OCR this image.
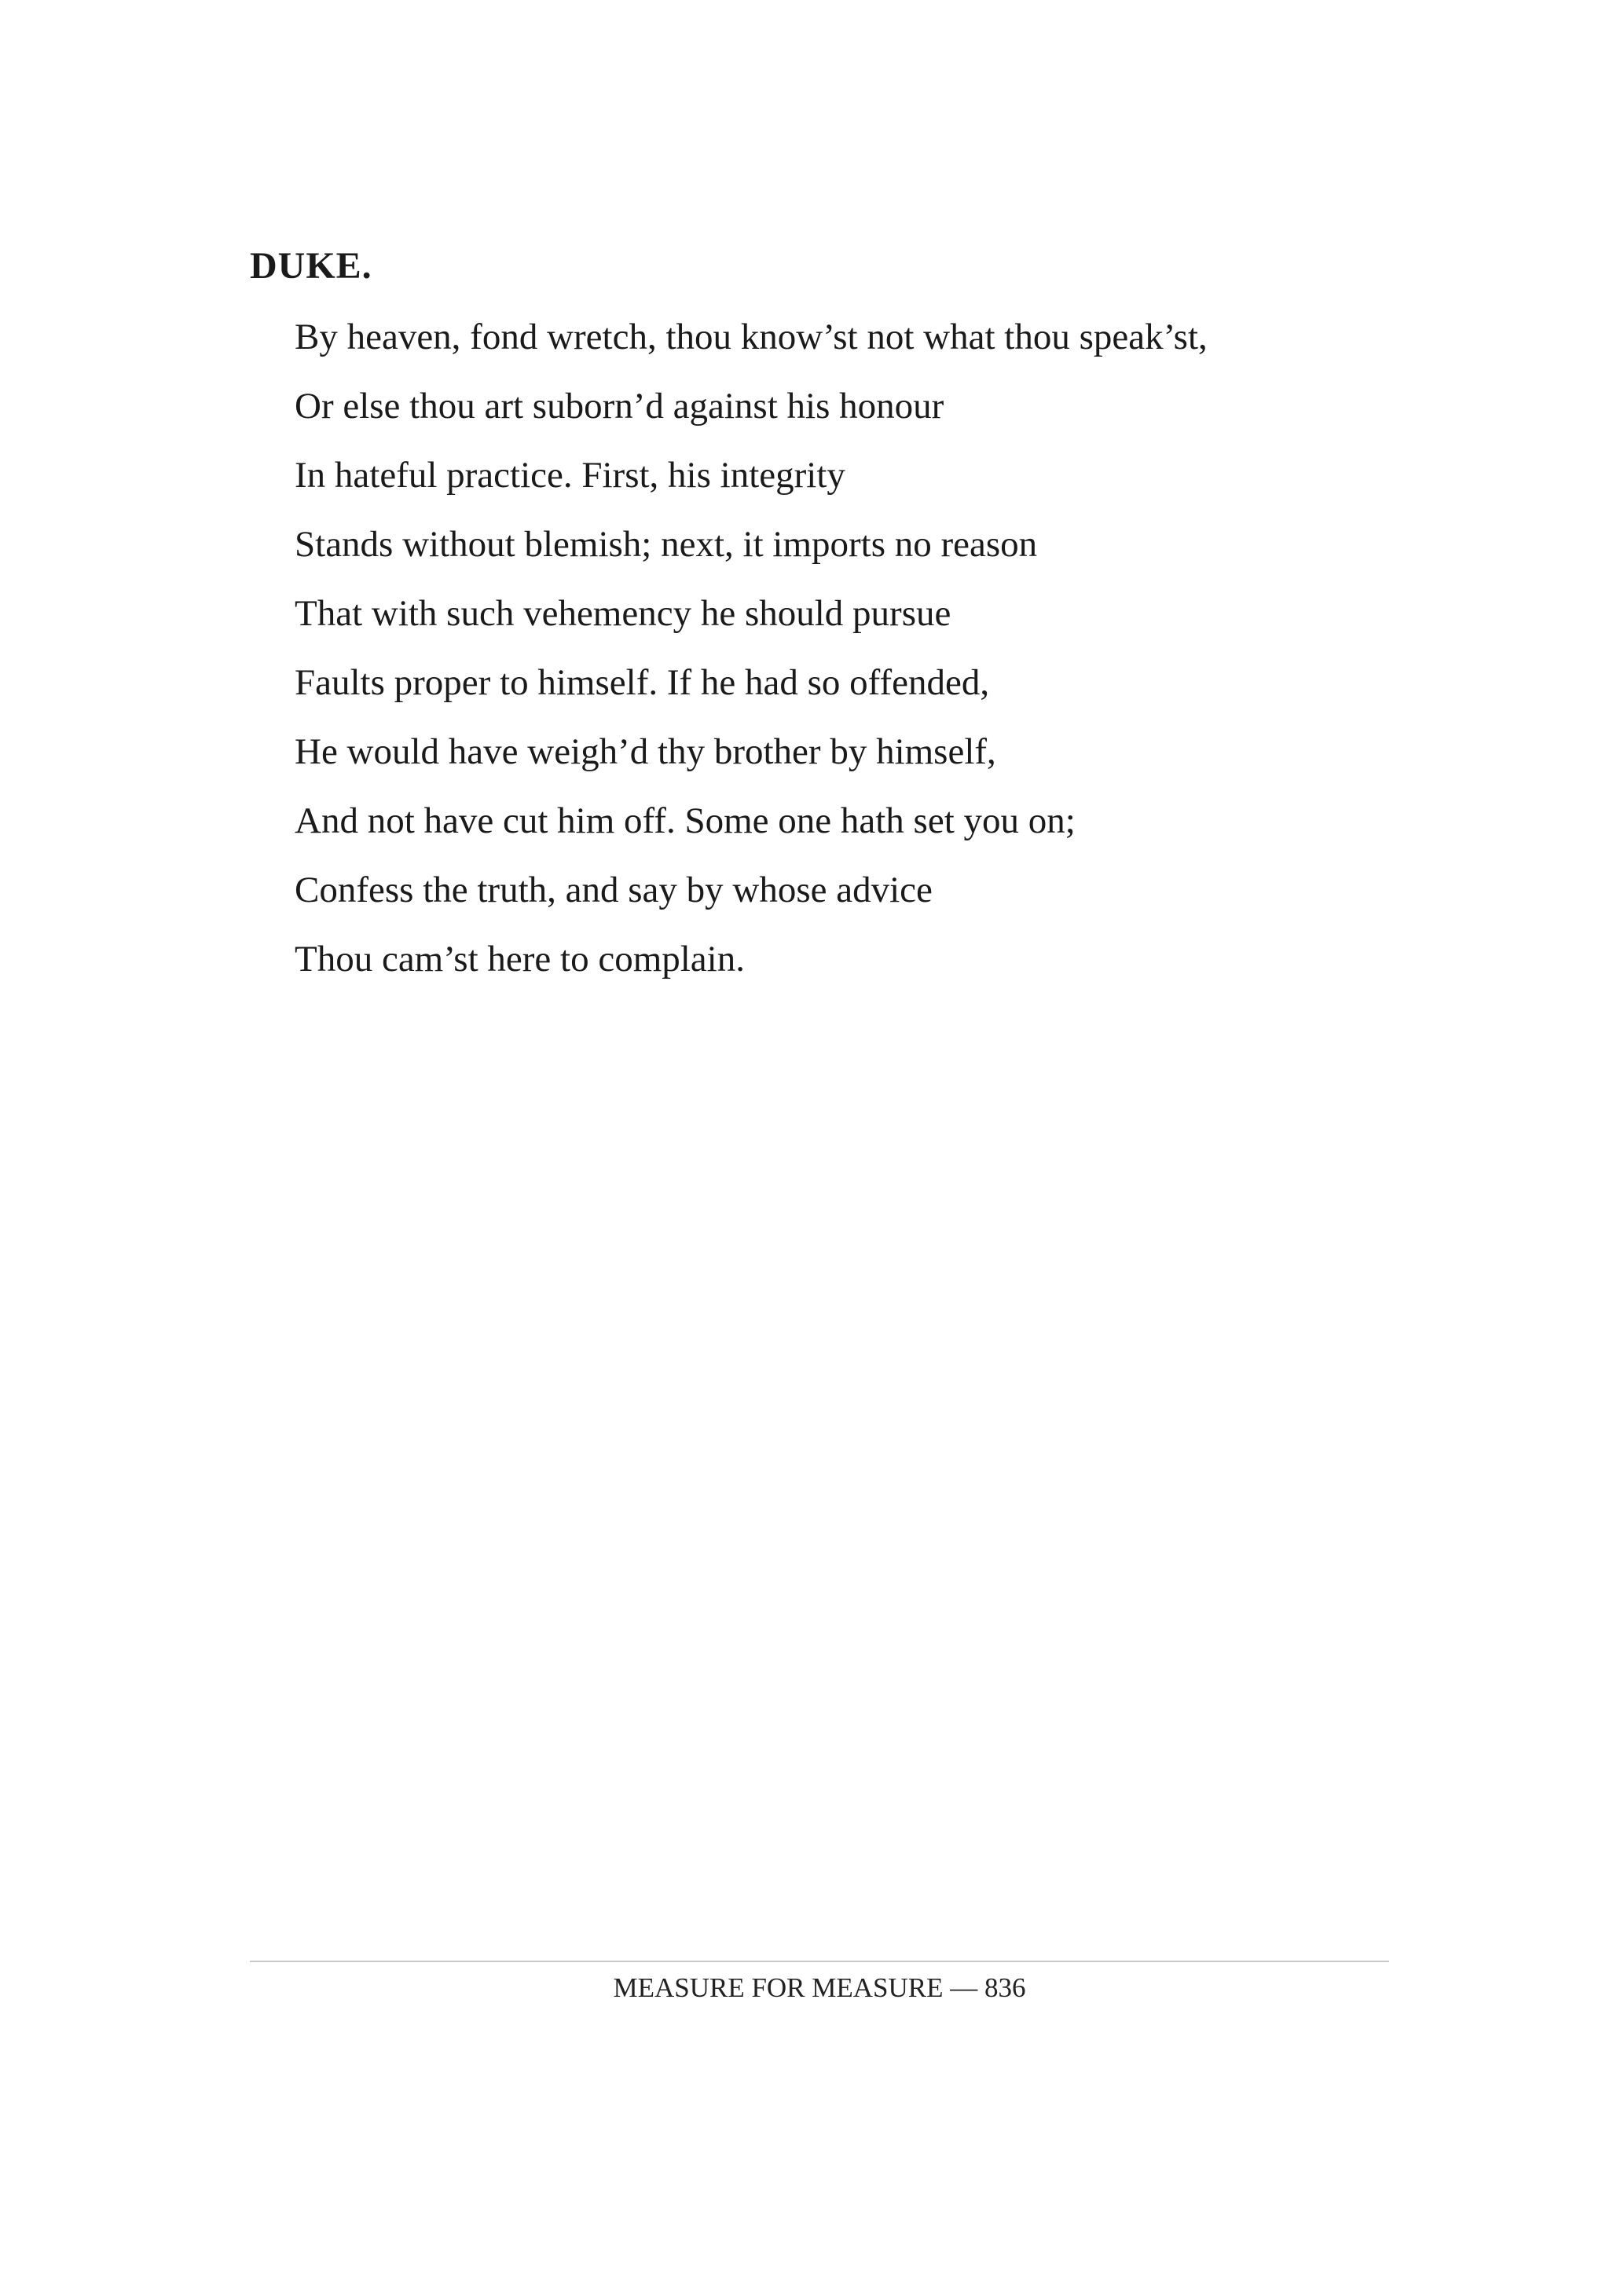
DUKE.
By heaven, fond wretch, thou know’st not what thou speak’st,
Or else thou art suborn’d against his honour
In hateful practice. First, his integrity
Stands without blemish; next, it imports no reason
That with such vehemency he should pursue
Faults proper to himself. If he had so offended,
He would have weigh’d thy brother by himself,
And not have cut him off. Some one hath set you on;
Confess the truth, and say by whose advice
Thou cam’st here to complain.
MEASURE FOR MEASURE — 836
